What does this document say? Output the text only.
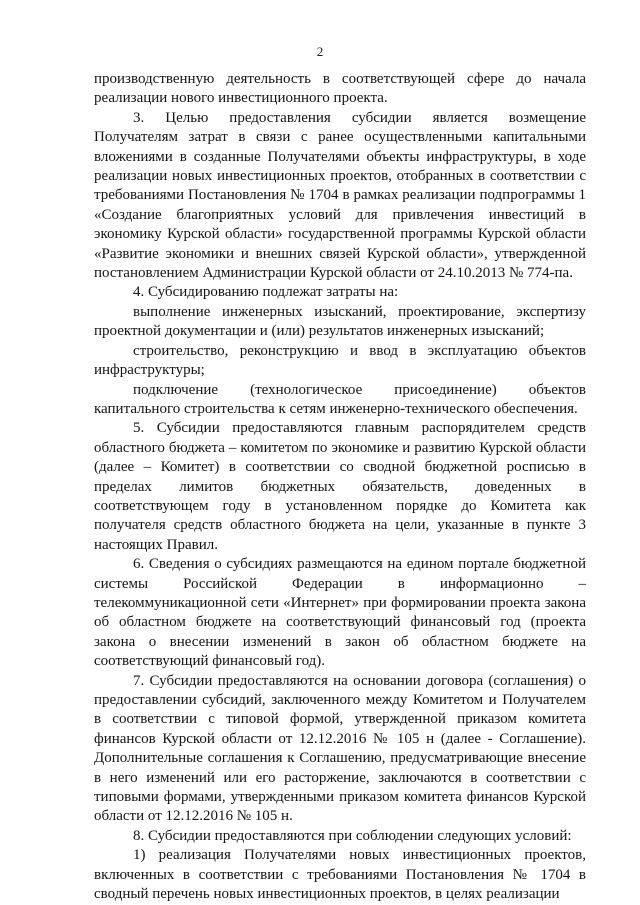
2

производственную деятельность в соответствующей сфере до начала реализации нового инвестиционного проекта.

3. Целью предоставления субсидии является возмещение Получателям затрат в связи с ранее осуществленными капитальными вложениями в созданные Получателями объекты инфраструктуры, в ходе реализации новых инвестиционных проектов, отобранных в соответствии с требованиями Постановления № 1704 в рамках реализации подпрограммы 1 «Создание благоприятных условий для привлечения инвестиций в экономику Курской области» государственной программы Курской области «Развитие экономики и внешних связей Курской области», утвержденной постановлением Администрации Курской области от 24.10.2013 № 774-па.

4. Субсидированию подлежат затраты на:

выполнение инженерных изысканий, проектирование, экспертизу проектной документации и (или) результатов инженерных изысканий;

строительство, реконструкцию и ввод в эксплуатацию объектов инфраструктуры;

подключение (технологическое присоединение) объектов капитального строительства к сетям инженерно-технического обеспечения.

5. Субсидии предоставляются главным распорядителем средств областного бюджета – комитетом по экономике и развитию Курской области (далее – Комитет) в соответствии со сводной бюджетной росписью в пределах лимитов бюджетных обязательств, доведенных в соответствующем году в установленном порядке до Комитета как получателя средств областного бюджета на цели, указанные в пункте 3 настоящих Правил.

6. Сведения о субсидиях размещаются на едином портале бюджетной системы Российской Федерации в информационно – телекоммуникационной сети «Интернет» при формировании проекта закона об областном бюджете на соответствующий финансовый год (проекта закона о внесении изменений в закон об областном бюджете на соответствующий финансовый год).

7. Субсидии предоставляются на основании договора (соглашения) о предоставлении субсидий, заключенного между Комитетом и Получателем в соответствии с типовой формой, утвержденной приказом комитета финансов Курской области от 12.12.2016 № 105 н (далее - Соглашение). Дополнительные соглашения к Соглашению, предусматривающие внесение в него изменений или его расторжение, заключаются в соответствии с типовыми формами, утвержденными приказом комитета финансов Курской области от 12.12.2016 № 105 н.

8. Субсидии предоставляются при соблюдении следующих условий:

1) реализация Получателями новых инвестиционных проектов, включенных в соответствии с требованиями Постановления № 1704 в сводный перечень новых инвестиционных проектов, в целях реализации
